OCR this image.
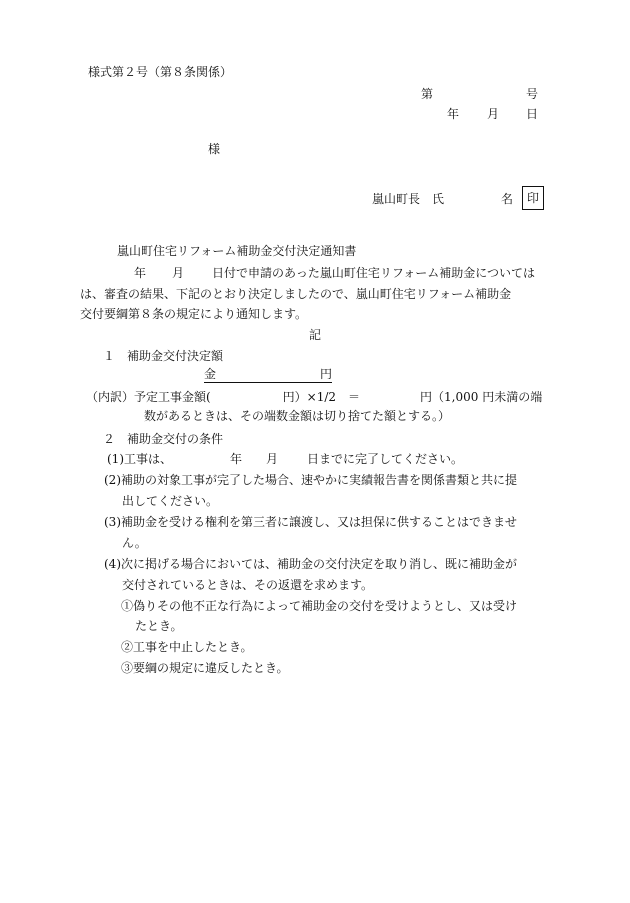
様式第２号（第８条関係）
第	号
年 月 日
様
嵐山町長　氏	名 印
嵐山町住宅リフォーム補助金交付決定通知書
年 月 日付で申請のあった嵐山町住宅リフォーム補助金については
は、審査の結果、下記のとおり決定しましたので、嵐山町住宅リフォーム補助金
交付要綱第８条の規定により通知します。
記
１　補助金交付決定額
金	円
（内訳）予定工事金額(　　　　　　円）×1/2　＝　　　　　円（1,000 円未満の端
数があるときは、その端数金額は切り捨てた額とする。）
２　補助金交付の条件
(1)工事は、	年 月 日までに完了してください。
(2)補助の対象工事が完了した場合、速やかに実績報告書を関係書類と共に提
出してください。
(3)補助金を受ける権利を第三者に譲渡し、又は担保に供することはできませ
ん。
(4)次に掲げる場合においては、補助金の交付決定を取り消し、既に補助金が
交付されているときは、その返還を求めます。
①偽りその他不正な行為によって補助金の交付を受けようとし、又は受け
たとき。
②工事を中止したとき。
③要綱の規定に違反したとき。
